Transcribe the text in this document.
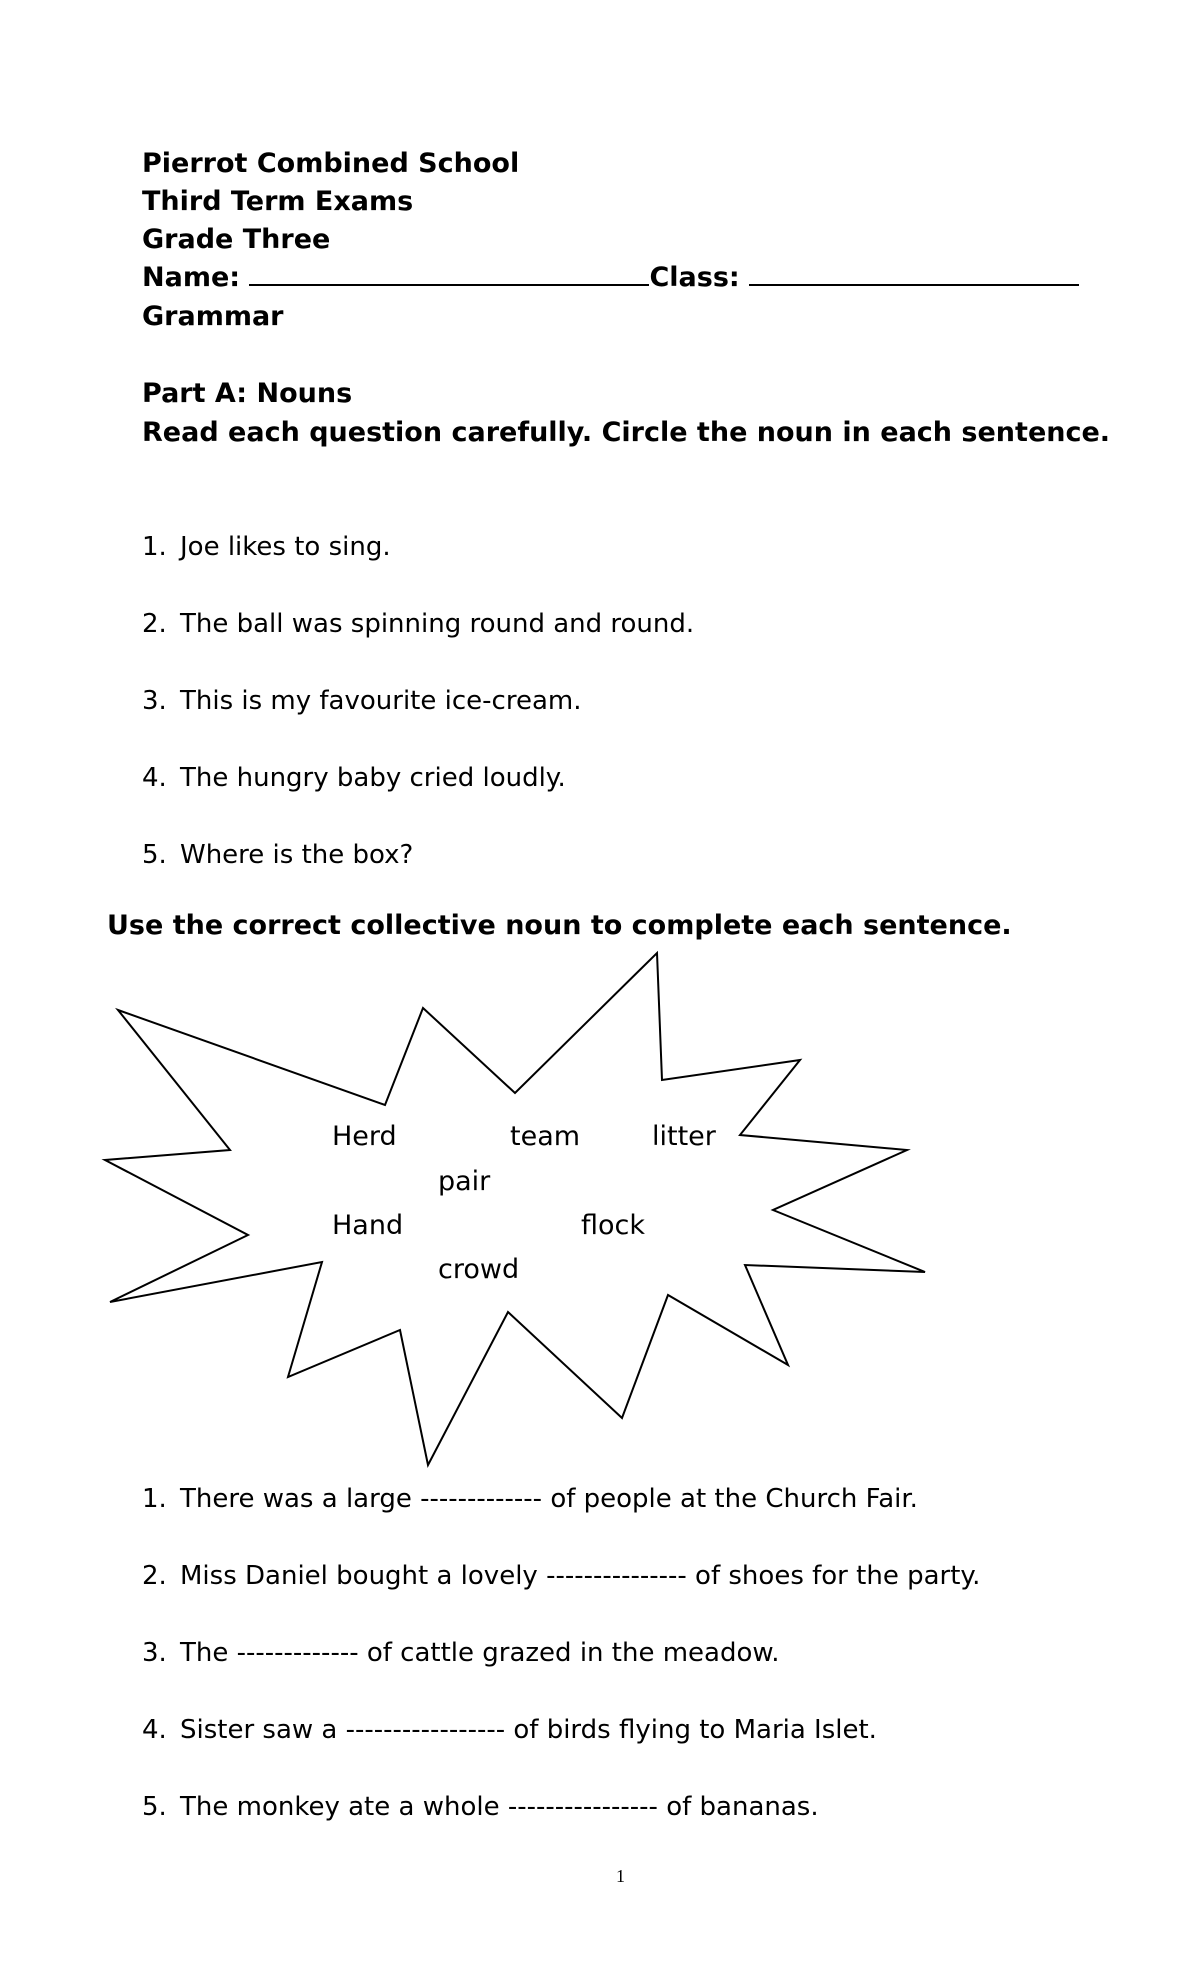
Pierrot Combined School
Third Term Exams
Grade Three
Name:	Class:
Grammar
Part A: Nouns
Read each question carefully. Circle the noun in each sentence.
1. Joe likes to sing.
2. The ball was spinning round and round.
3. This is my favourite ice-cream.
4. The hungry baby cried loudly.
5. Where is the box?
Use the correct collective noun to complete each sentence.
Herd	team	litter
pair
Hand	flock
crowd
1. There was a large ------------- of people at the Church Fair.
2. Miss Daniel bought a lovely --------------- of shoes for the party.
3. The ------------- of cattle grazed in the meadow.
4. Sister saw a ----------------- of birds flying to Maria Islet.
5. The monkey ate a whole ---------------- of bananas.
1
